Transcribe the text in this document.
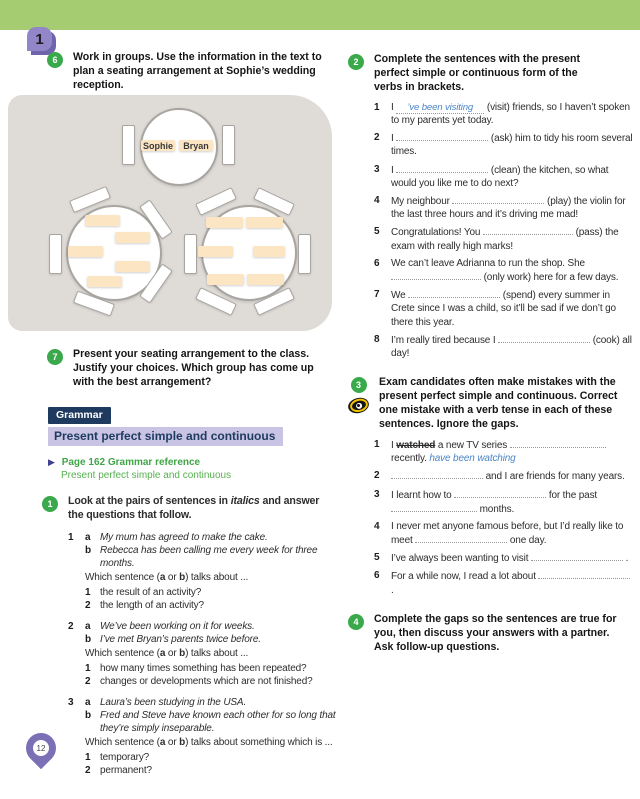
1
6 Work in groups. Use the information in the text to plan a seating arrangement at Sophie’s wedding reception.
Sophie Bryan
7 Present your seating arrangement to the class. Justify your choices. Which group has come up with the best arrangement?
Grammar
Present perfect simple and continuous
▶ Page 162 Grammar reference
Present perfect simple and continuous
1 Look at the pairs of sentences in italics and answer the questions that follow.
1	a My mum has agreed to make the cake.
b Rebecca has been calling me every week for three months.
Which sentence (a or b) talks about ...
1 the result of an activity?
2 the length of an activity?
2	a We’ve been working on it for weeks.
b I’ve met Bryan’s parents twice before.
Which sentence (a or b) talks about ...
1 how many times something has been repeated?
2 changes or developments which are not finished?
3	a Laura’s been studying in the USA.
b Fred and Steve have known each other for so long that they’re simply inseparable.
Which sentence (a or b) talks about something which is ...
1 temporary?
2 permanent?
2 Complete the sentences with the present perfect simple or continuous form of the verbs in brackets.
1	I ’ve been visiting (visit) friends, so I haven’t spoken to my parents yet today.
2	I	(ask) him to tidy his room several times.
3	I	(clean) the kitchen, so what would you like me to do next?
4	My neighbour	(play) the violin for the last three hours and it’s driving me mad!
5	Congratulations! You	(pass) the exam with really high marks!
6	We can’t leave Adrianna to run the shop. She  (only work) here for a few days.
7	We	(spend) every summer in Crete since I was a child, so it’ll be sad if we don’t go there this year.
8	I’m really tired because I	(cook) all day!
3 Exam candidates often make mistakes with the present perfect simple and continuous. Correct one mistake with a verb tense in each of these sentences. Ignore the gaps.
1	I watched a new TV series  recently. have been watching
2	and I are friends for many years.
3	I learnt how to	for the past  months.
4	I never met anyone famous before, but I’d really like to meet	one day.
5	I’ve always been wanting to visit	.
6	For a while now, I read a lot about  .
4 Complete the gaps so the sentences are true for you, then discuss your answers with a partner. Ask follow-up questions.
12
